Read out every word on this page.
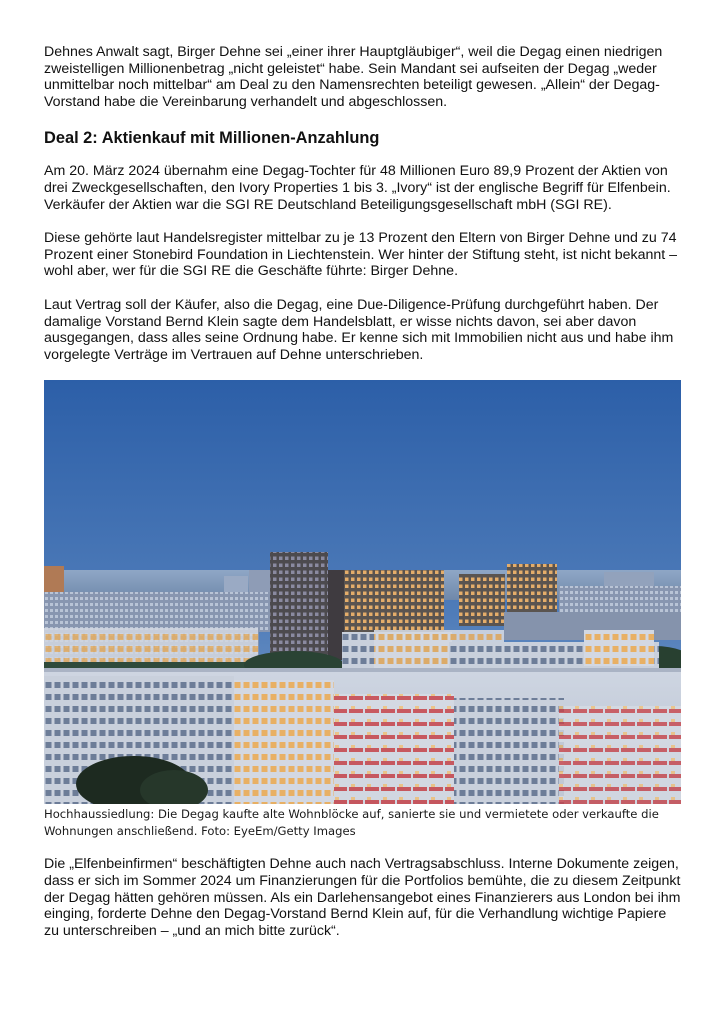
Dehnes Anwalt sagt, Birger Dehne sei „einer ihrer Hauptgläubiger“, weil die Degag einen niedrigen zweistelligen Millionenbetrag „nicht geleistet“ habe. Sein Mandant sei aufseiten der Degag „weder unmittelbar noch mittelbar“ am Deal zu den Namensrechten beteiligt gewesen. „Allein“ der Degag-Vorstand habe die Vereinbarung verhandelt und abgeschlossen.

Deal 2: Aktienkauf mit Millionen-Anzahlung

Am 20. März 2024 übernahm eine Degag-Tochter für 48 Millionen Euro 89,9 Prozent der Aktien von drei Zweckgesellschaften, den Ivory Properties 1 bis 3. „Ivory“ ist der englische Begriff für Elfenbein. Verkäufer der Aktien war die SGI RE Deutschland Beteiligungsgesellschaft mbH (SGI RE).

Diese gehörte laut Handelsregister mittelbar zu je 13 Prozent den Eltern von Birger Dehne und zu 74 Prozent einer Stonebird Foundation in Liechtenstein. Wer hinter der Stiftung steht, ist nicht bekannt – wohl aber, wer für die SGI RE die Geschäfte führte: Birger Dehne.

Laut Vertrag soll der Käufer, also die Degag, eine Due-Diligence-Prüfung durchgeführt haben. Der damalige Vorstand Bernd Klein sagte dem Handelsblatt, er wisse nichts davon, sei aber davon ausgegangen, dass alles seine Ordnung habe. Er kenne sich mit Immobilien nicht aus und habe ihm vorgelegte Verträge im Vertrauen auf Dehne unterschrieben.

Hochhaussiedlung: Die Degag kaufte alte Wohnblöcke auf, sanierte sie und vermietete oder verkaufte die Wohnungen anschließend. Foto: EyeEm/Getty Images

Die „Elfenbeinfirmen“ beschäftigten Dehne auch nach Vertragsabschluss. Interne Dokumente zeigen, dass er sich im Sommer 2024 um Finanzierungen für die Portfolios bemühte, die zu diesem Zeitpunkt der Degag hätten gehören müssen. Als ein Darlehensangebot eines Finanzierers aus London bei ihm einging, forderte Dehne den Degag-Vorstand Bernd Klein auf, für die Verhandlung wichtige Papiere zu unterschreiben – „und an mich bitte zurück“.
